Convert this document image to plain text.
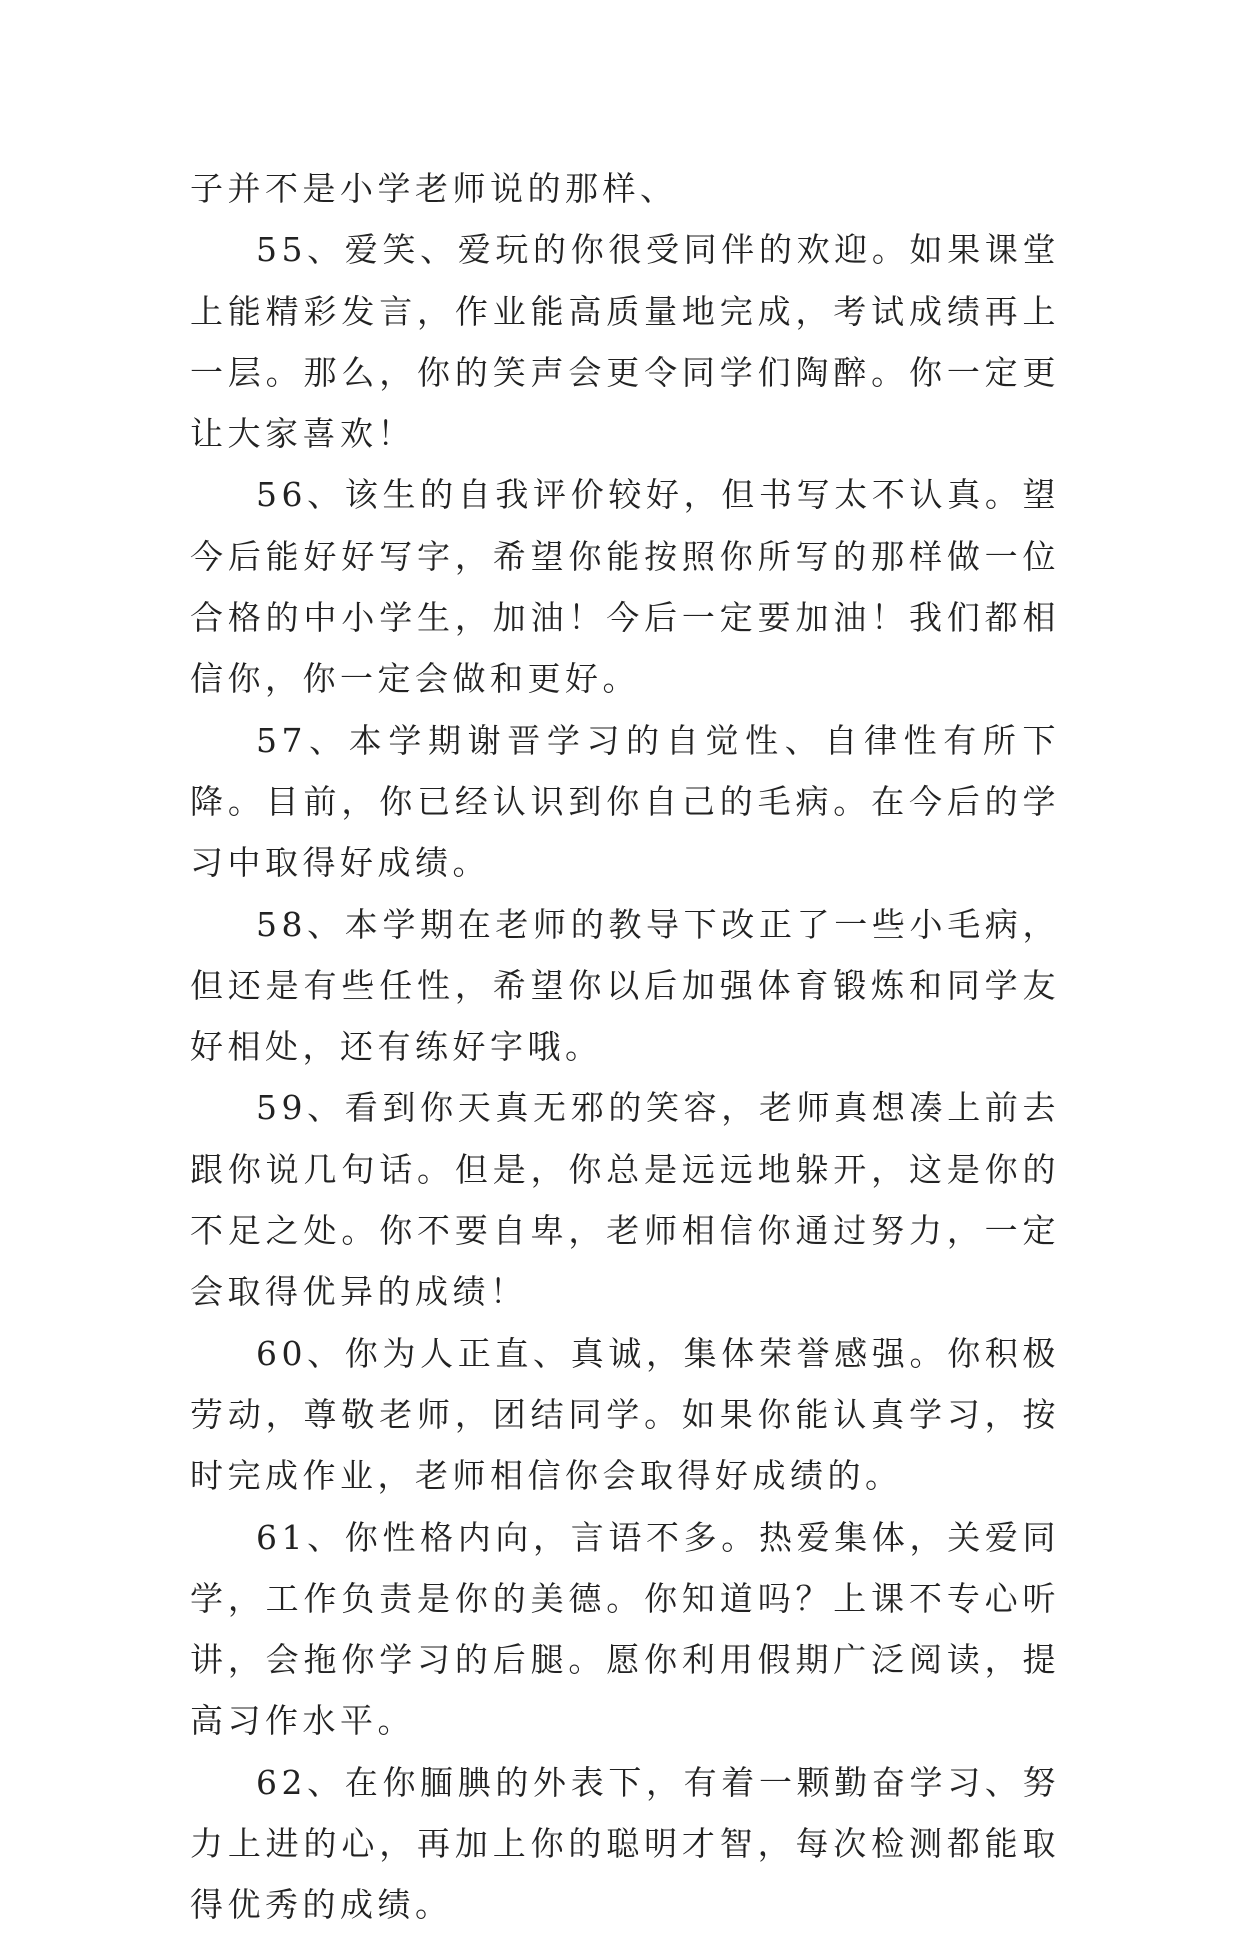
子并不是小学老师说的那样、

55、爱笑、爱玩的你很受同伴的欢迎。如果课堂上能精彩发言，作业能高质量地完成，考试成绩再上一层。那么，你的笑声会更令同学们陶醉。你一定更让大家喜欢！

56、该生的自我评价较好，但书写太不认真。望今后能好好写字，希望你能按照你所写的那样做一位合格的中小学生，加油！今后一定要加油！我们都相信你，你一定会做和更好。

57、本学期谢晋学习的自觉性、自律性有所下降。目前，你已经认识到你自己的毛病。在今后的学习中取得好成绩。

58、本学期在老师的教导下改正了一些小毛病，但还是有些任性，希望你以后加强体育锻炼和同学友好相处，还有练好字哦。

59、看到你天真无邪的笑容，老师真想凑上前去跟你说几句话。但是，你总是远远地躲开，这是你的不足之处。你不要自卑，老师相信你通过努力，一定会取得优异的成绩！

60、你为人正直、真诚，集体荣誉感强。你积极劳动，尊敬老师，团结同学。如果你能认真学习，按时完成作业，老师相信你会取得好成绩的。

61、你性格内向，言语不多。热爱集体，关爱同学，工作负责是你的美德。你知道吗？上课不专心听讲，会拖你学习的后腿。愿你利用假期广泛阅读，提高习作水平。

62、在你腼腆的外表下，有着一颗勤奋学习、努力上进的心，再加上你的聪明才智，每次检测都能取得优秀的成绩。
